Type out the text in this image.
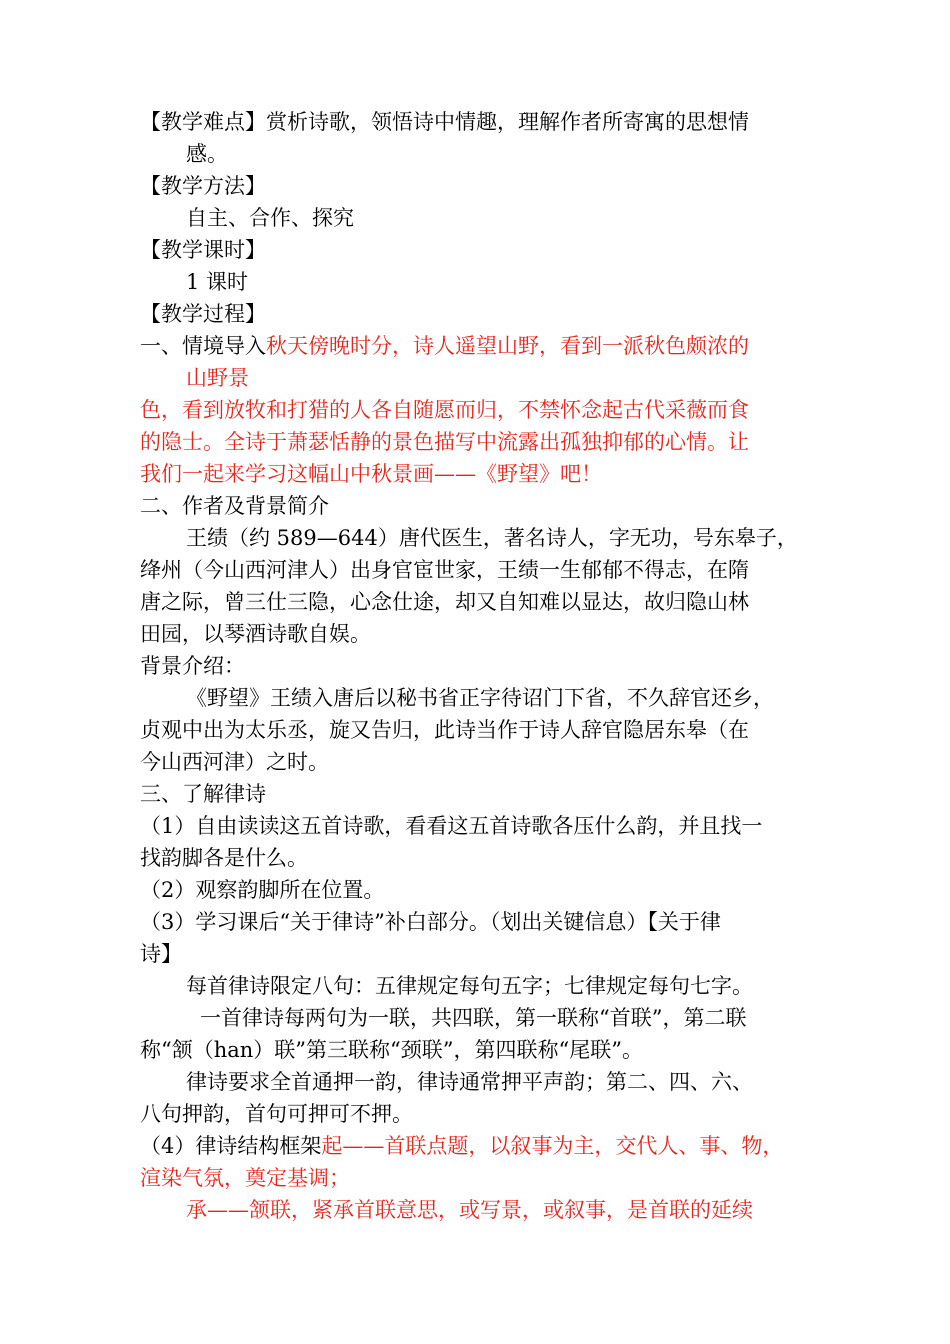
【教学难点】赏析诗歌，领悟诗中情趣，理解作者所寄寓的思想情
感。
【教学方法】
自主、合作、探究
【教学课时】
1 课时
【教学过程】
一、情境导入秋天傍晚时分，诗人遥望山野，看到一派秋色颇浓的
山野景
色，看到放牧和打猎的人各自随愿而归，不禁怀念起古代采薇而食
的隐士。全诗于萧瑟恬静的景色描写中流露出孤独抑郁的心情。让
我们一起来学习这幅山中秋景画——《野望》吧！
二、作者及背景简介
王绩（约 589—644）唐代医生，著名诗人，字无功，号东皋子，
绛州（今山西河津人）出身官宦世家，王绩一生郁郁不得志，在隋
唐之际，曾三仕三隐，心念仕途，却又自知难以显达，故归隐山林
田园，以琴酒诗歌自娱。
背景介绍：
《野望》王绩入唐后以秘书省正字待诏门下省，不久辞官还乡，
贞观中出为太乐丞，旋又告归，此诗当作于诗人辞官隐居东皋（在
今山西河津）之时。
三、了解律诗
（1）自由读读这五首诗歌，看看这五首诗歌各压什么韵，并且找一
找韵脚各是什么。
（2）观察韵脚所在位置。
（3）学习课后“关于律诗”补白部分。（划出关键信息）【关于律
诗】
每首律诗限定八句：五律规定每句五字；七律规定每句七字。
一首律诗每两句为一联，共四联，第一联称“首联”，第二联
称“颔（han）联”第三联称“颈联”，第四联称“尾联”。
律诗要求全首通押一韵，律诗通常押平声韵；第二、四、六、
八句押韵，首句可押可不押。
（4）律诗结构框架起——首联点题，以叙事为主，交代人、事、物，
渲染气氛，奠定基调；
承——颔联，紧承首联意思，或写景，或叙事，是首联的延续
